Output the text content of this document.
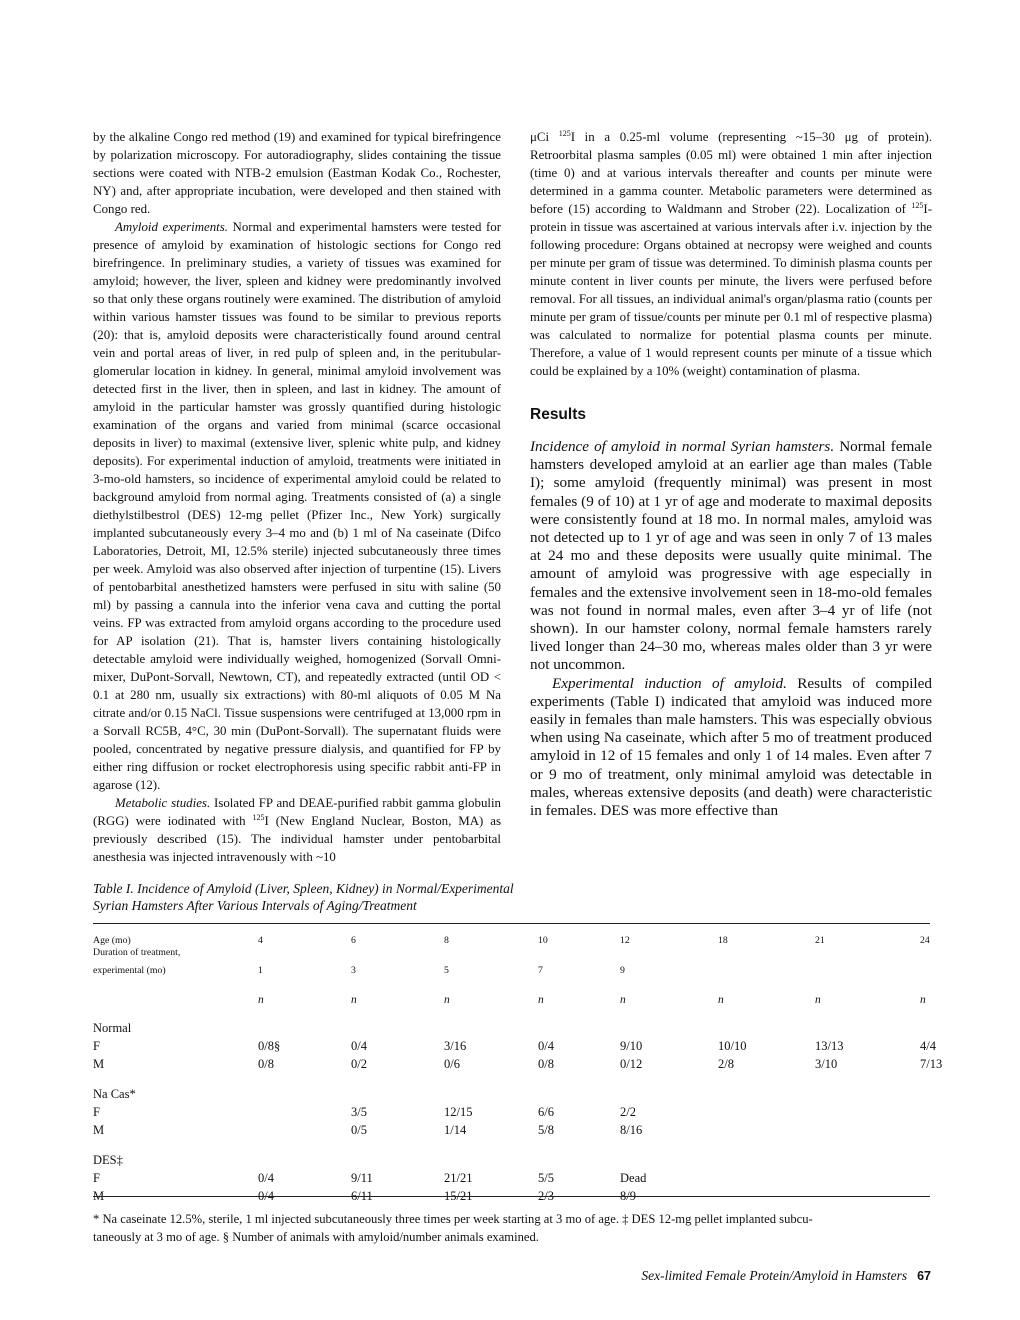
by the alkaline Congo red method (19) and examined for typical birefringence by polarization microscopy. For autoradiography, slides containing the tissue sections were coated with NTB-2 emulsion (Eastman Kodak Co., Rochester, NY) and, after appropriate incubation, were developed and then stained with Congo red.

Amyloid experiments. Normal and experimental hamsters were tested for presence of amyloid by examination of histologic sections for Congo red birefringence. In preliminary studies, a variety of tissues was examined for amyloid; however, the liver, spleen and kidney were predominantly involved so that only these organs routinely were examined. The distribution of amyloid within various hamster tissues was found to be similar to previous reports (20): that is, amyloid deposits were characteristically found around central vein and portal areas of liver, in red pulp of spleen and, in the peritubular-glomerular location in kidney. In general, minimal amyloid involvement was detected first in the liver, then in spleen, and last in kidney. The amount of amyloid in the particular hamster was grossly quantified during histologic examination of the organs and varied from minimal (scarce occasional deposits in liver) to maximal (extensive liver, splenic white pulp, and kidney deposits). For experimental induction of amyloid, treatments were initiated in 3-mo-old hamsters, so incidence of experimental amyloid could be related to background amyloid from normal aging. Treatments consisted of (a) a single diethylstilbestrol (DES) 12-mg pellet (Pfizer Inc., New York) surgically implanted subcutaneously every 3–4 mo and (b) 1 ml of Na caseinate (Difco Laboratories, Detroit, MI, 12.5% sterile) injected subcutaneously three times per week. Amyloid was also observed after injection of turpentine (15). Livers of pentobarbital anesthetized hamsters were perfused in situ with saline (50 ml) by passing a cannula into the inferior vena cava and cutting the portal veins. FP was extracted from amyloid organs according to the procedure used for AP isolation (21). That is, hamster livers containing histologically detectable amyloid were individually weighed, homogenized (Sorvall Omni-mixer, DuPont-Sorvall, Newtown, CT), and repeatedly extracted (until OD < 0.1 at 280 nm, usually six extractions) with 80-ml aliquots of 0.05 M Na citrate and/or 0.15 NaCl. Tissue suspensions were centrifuged at 13,000 rpm in a Sorvall RC5B, 4°C, 30 min (DuPont-Sorvall). The supernatant fluids were pooled, concentrated by negative pressure dialysis, and quantified for FP by either ring diffusion or rocket electrophoresis using specific rabbit anti-FP in agarose (12).

Metabolic studies. Isolated FP and DEAE-purified rabbit gamma globulin (RGG) were iodinated with $^{125}$I (New England Nuclear, Boston, MA) as previously described (15). The individual hamster under pentobarbital anesthesia was injected intravenously with ~10

μCi $^{125}$I in a 0.25-ml volume (representing ~15–30 μg of protein). Retroorbital plasma samples (0.05 ml) were obtained 1 min after injection (time 0) and at various intervals thereafter and counts per minute were determined in a gamma counter. Metabolic parameters were determined as before (15) according to Waldmann and Strober (22). Localization of $^{125}$I-protein in tissue was ascertained at various intervals after i.v. injection by the following procedure: Organs obtained at necropsy were weighed and counts per minute per gram of tissue was determined. To diminish plasma counts per minute content in liver counts per minute, the livers were perfused before removal. For all tissues, an individual animal's organ/plasma ratio (counts per minute per gram of tissue/counts per minute per 0.1 ml of respective plasma) was calculated to normalize for potential plasma counts per minute. Therefore, a value of 1 would represent counts per minute of a tissue which could be explained by a 10% (weight) contamination of plasma.

Results

Incidence of amyloid in normal Syrian hamsters. Normal female hamsters developed amyloid at an earlier age than males (Table I); some amyloid (frequently minimal) was present in most females (9 of 10) at 1 yr of age and moderate to maximal deposits were consistently found at 18 mo. In normal males, amyloid was not detected up to 1 yr of age and was seen in only 7 of 13 males at 24 mo and these deposits were usually quite minimal. The amount of amyloid was progressive with age especially in females and the extensive involvement seen in 18-mo-old females was not found in normal males, even after 3–4 yr of life (not shown). In our hamster colony, normal female hamsters rarely lived longer than 24–30 mo, whereas males older than 3 yr were not uncommon.

Experimental induction of amyloid. Results of compiled experiments (Table I) indicated that amyloid was induced more easily in females than male hamsters. This was especially obvious when using Na caseinate, which after 5 mo of treatment produced amyloid in 12 of 15 females and only 1 of 14 males. Even after 7 or 9 mo of treatment, only minimal amyloid was detectable in males, whereas extensive deposits (and death) were characteristic in females. DES was more effective than

Table I. Incidence of Amyloid (Liver, Spleen, Kidney) in Normal/Experimental
Syrian Hamsters After Various Intervals of Aging/Treatment
Age (mo)	4	6	8	10	12	18	21	24
Duration of treatment,								
experimental (mo)	1	3	5	7	9			
	n	n	n	n	n	n	n	n
Normal								
F	0/8§	0/4	3/16	0/4	9/10	10/10	13/13	4/4
M	0/8	0/2	0/6	0/8	0/12	2/8	3/10	7/13
Na Cas*								
F		3/5	12/15	6/6	2/2			
M		0/5	1/14	5/8	8/16			
DES‡								
F	0/4	9/11	21/21	5/5	Dead			
M	0/4	6/11	15/21	2/3	8/9			
* Na caseinate 12.5%, sterile, 1 ml injected subcutaneously three times per week starting at 3 mo of age. ‡ DES 12-mg pellet implanted subcu-
taneously at 3 mo of age. § Number of animals with amyloid/number animals examined.
Sex-limited Female Protein/Amyloid in Hamsters 67
